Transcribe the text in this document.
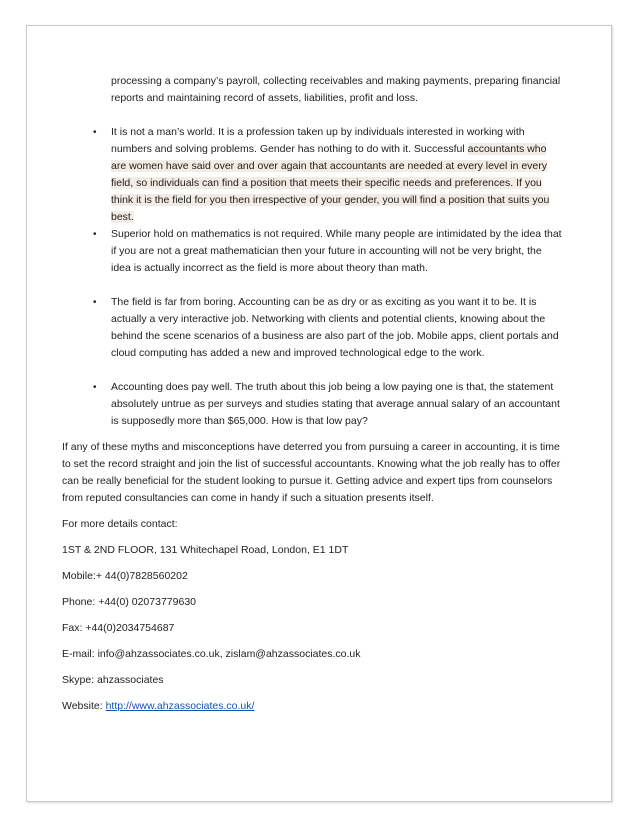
processing a company’s payroll, collecting receivables and making payments, preparing financial reports and maintaining record of assets, liabilities, profit and loss.
• It is not a man’s world. It is a profession taken up by individuals interested in working with numbers and solving problems. Gender has nothing to do with it. Successful accountants who are women have said over and over again that accountants are needed at every level in every field, so individuals can find a position that meets their specific needs and preferences. If you think it is the field for you then irrespective of your gender, you will find a position that suits you best.
• Superior hold on mathematics is not required. While many people are intimidated by the idea that if you are not a great mathematician then your future in accounting will not be very bright, the idea is actually incorrect as the field is more about theory than math.
• The field is far from boring. Accounting can be as dry or as exciting as you want it to be. It is actually a very interactive job. Networking with clients and potential clients, knowing about the behind the scene scenarios of a business are also part of the job. Mobile apps, client portals and cloud computing has added a new and improved technological edge to the work.
• Accounting does pay well. The truth about this job being a low paying one is that, the statement absolutely untrue as per surveys and studies stating that average annual salary of an accountant is supposedly more than $65,000. How is that low pay?
If any of these myths and misconceptions have deterred you from pursuing a career in accounting, it is time to set the record straight and join the list of successful accountants. Knowing what the job really has to offer can be really beneficial for the student looking to pursue it. Getting advice and expert tips from counselors from reputed consultancies can come in handy if such a situation presents itself.
For more details contact:
1ST & 2ND FLOOR, 131 Whitechapel Road, London, E1 1DT
Mobile:+ 44(0)7828560202
Phone: +44(0) 02073779630
Fax: +44(0)2034754687
E-mail: info@ahzassociates.co.uk, zislam@ahzassociates.co.uk
Skype: ahzassociates
Website: http://www.ahzassociates.co.uk/
